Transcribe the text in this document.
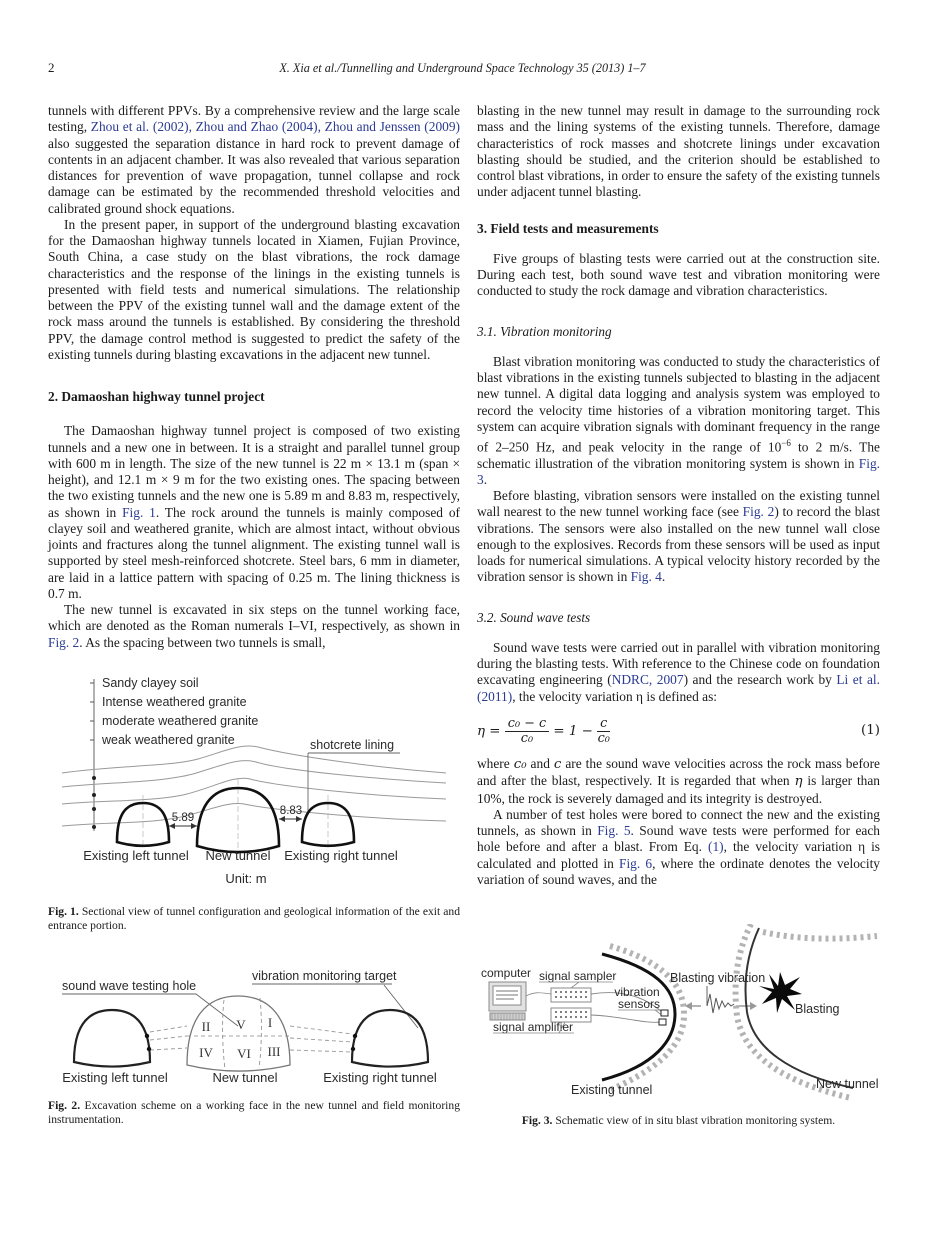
2	X. Xia et al./Tunnelling and Underground Space Technology 35 (2013) 1–7

tunnels with different PPVs. By a comprehensive review and the large scale testing, Zhou et al. (2002), Zhou and Zhao (2004), Zhou and Jenssen (2009) also suggested the separation distance in hard rock to prevent damage of contents in an adjacent chamber. It was also revealed that various separation distances for prevention of wave propagation, tunnel collapse and rock damage can be estimated by the recommended threshold velocities and calibrated ground shock equations.

In the present paper, in support of the underground blasting excavation for the Damaoshan highway tunnels located in Xiamen, Fujian Province, South China, a case study on the blast vibrations, the rock damage characteristics and the response of the linings in the existing tunnels is presented with field tests and numerical simulations. The relationship between the PPV of the existing tunnel wall and the damage extent of the rock mass around the tunnels is established. By considering the threshold PPV, the damage control method is suggested to predict the safety of the existing tunnels during blasting excavations in the adjacent new tunnel.

2. Damaoshan highway tunnel project

The Damaoshan highway tunnel project is composed of two existing tunnels and a new one in between. It is a straight and parallel tunnel group with 600 m in length. The size of the new tunnel is 22 m × 13.1 m (span × height), and 12.1 m × 9 m for the two existing ones. The spacing between the two existing tunnels and the new one is 5.89 m and 8.83 m, respectively, as shown in Fig. 1. The rock around the tunnels is mainly composed of clayey soil and weathered granite, which are almost intact, without obvious joints and fractures along the tunnel alignment. The existing tunnel wall is supported by steel mesh-reinforced shotcrete. Steel bars, 6 mm in diameter, are laid in a lattice pattern with spacing of 0.25 m. The lining thickness is 0.7 m.

The new tunnel is excavated in six steps on the tunnel working face, which are denoted as the Roman numerals I–VI, respectively, as shown in Fig. 2. As the spacing between two tunnels is small,

Sandy clayey soil
Intense weathered granite
moderate weathered granite
weak weathered granite	shotcrete lining
5.89
8.83
Existing left tunnel New tunnel Existing right tunnel
Unit: m
Fig. 1. Sectional view of tunnel configuration and geological information of the exit and entrance portion.
sound wave testing hole
vibration monitoring target
II V I
IV VI III
Existing left tunnel	New tunnel	Existing right tunnel
Fig. 2. Excavation scheme on a working face in the new tunnel and field monitoring instrumentation.

blasting in the new tunnel may result in damage to the surrounding rock mass and the lining systems of the existing tunnels. Therefore, damage characteristics of rock masses and shotcrete linings under excavation blasting should be studied, and the criterion should be established to control blast vibrations, in order to ensure the safety of the existing tunnels under adjacent tunnel blasting.

3. Field tests and measurements

Five groups of blasting tests were carried out at the construction site. During each test, both sound wave test and vibration monitoring were conducted to study the rock damage and vibration characteristics.

3.1. Vibration monitoring

Blast vibration monitoring was conducted to study the characteristics of blast vibrations in the existing tunnels subjected to blasting in the adjacent new tunnel. A digital data logging and analysis system was employed to record the velocity time histories of a vibration monitoring target. This system can acquire vibration signals with dominant frequency in the range of 2–250 Hz, and peak velocity in the range of $10^{-6}$ to 2 m/s. The schematic illustration of the vibration monitoring system is shown in Fig. 3.

Before blasting, vibration sensors were installed on the existing tunnel wall nearest to the new tunnel working face (see Fig. 2) to record the blast vibrations. The sensors were also installed on the new tunnel wall close enough to the explosives. Records from these sensors will be used as input loads for numerical simulations. A typical velocity history recorded by the vibration sensor is shown in Fig. 4.

3.2. Sound wave tests

Sound wave tests were carried out in parallel with vibration monitoring during the blasting tests. With reference to the Chinese code on foundation excavating engineering (NDRC, 2007) and the research work by Li et al. (2011), the velocity variation η is defined as:

$\eta = \frac{\text{c₀ − c}}{\text{c₀}} = 1 - \frac{c}{\text{c₀}}$	(1)

where c₀ and c are the sound wave velocities across the rock mass before and after the blast, respectively. It is regarded that when η is larger than 10%, the rock is severely damaged and its integrity is destroyed.

A number of test holes were bored to connect the new and the existing tunnels, as shown in Fig. 5. Sound wave tests were performed for each hole before and after a blast. From Eq. (1), the velocity variation η is calculated and plotted in Fig. 6, where the ordinate denotes the velocity variation of sound waves, and the

computer signal sampler
signal amplifier
vibration
sensors
Blasting vibration
Blasting
Existing tunnel	New tunnel
Fig. 3. Schematic view of in situ blast vibration monitoring system.
